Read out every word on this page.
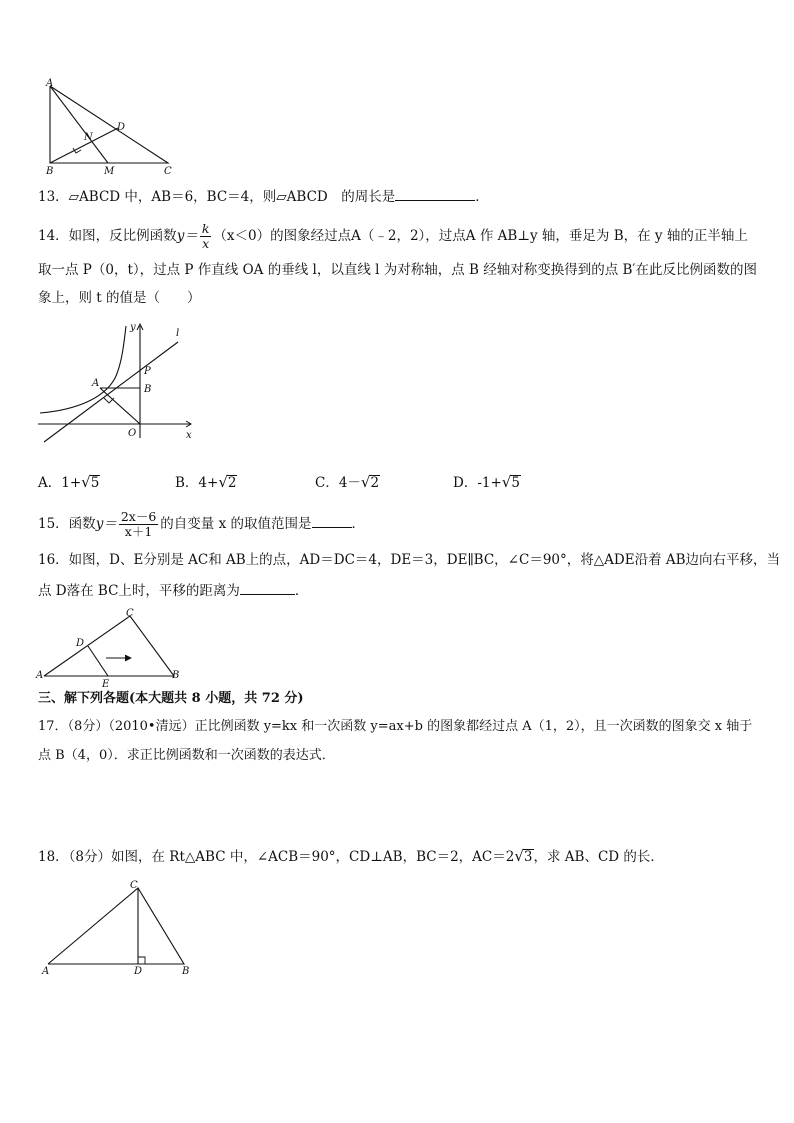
A
B	C
D
M
N
13．▱ABCD 中，AB＝6，BC＝4，则▱ABCD　的周长是	．
14．如图，反比例函数$y= \frac{k}{x} (x<0)$的图象经过点A（﹣2，2），过点A 作 AB⊥y 轴，垂足为 B，在 y 轴的正半轴上
取一点 P（0，t），过点 P 作直线 OA 的垂线 l，以直线 l 为对称轴，点 B 经轴对称变换得到的点 B′在此反比例函数的图
象上，则 t 的值是（　　）
y
l
A
P
B
O	x
A．1+√5	B．4+√2	C．4－√2	D．-1+√5
15．函数$y= \frac{2x-6}{x+1}$ 的自变量 x 的取值范围是	．
16．如图，D、E分别是 AC和 AB上的点，AD＝DC＝4，DE＝3，DE∥BC，∠C＝90°，将△ADE沿着 AB边向右平移，当
点 D落在 BC上时，平移的距离为	．
A	B
C
D
E
三、解下列各题(本大题共 8 小题，共 72 分)
17．（8分）（2010•清远）正比例函数 y=kx 和一次函数 y=ax+b 的图象都经过点 A（1，2），且一次函数的图象交 x 轴于
点 B（4，0）．求正比例函数和一次函数的表达式．
18．（8分）如图，在 Rt△ABC 中，∠ACB＝90°，CD⊥AB，BC＝2，AC＝2√3，求 AB、CD 的长．
A	B
C
D
